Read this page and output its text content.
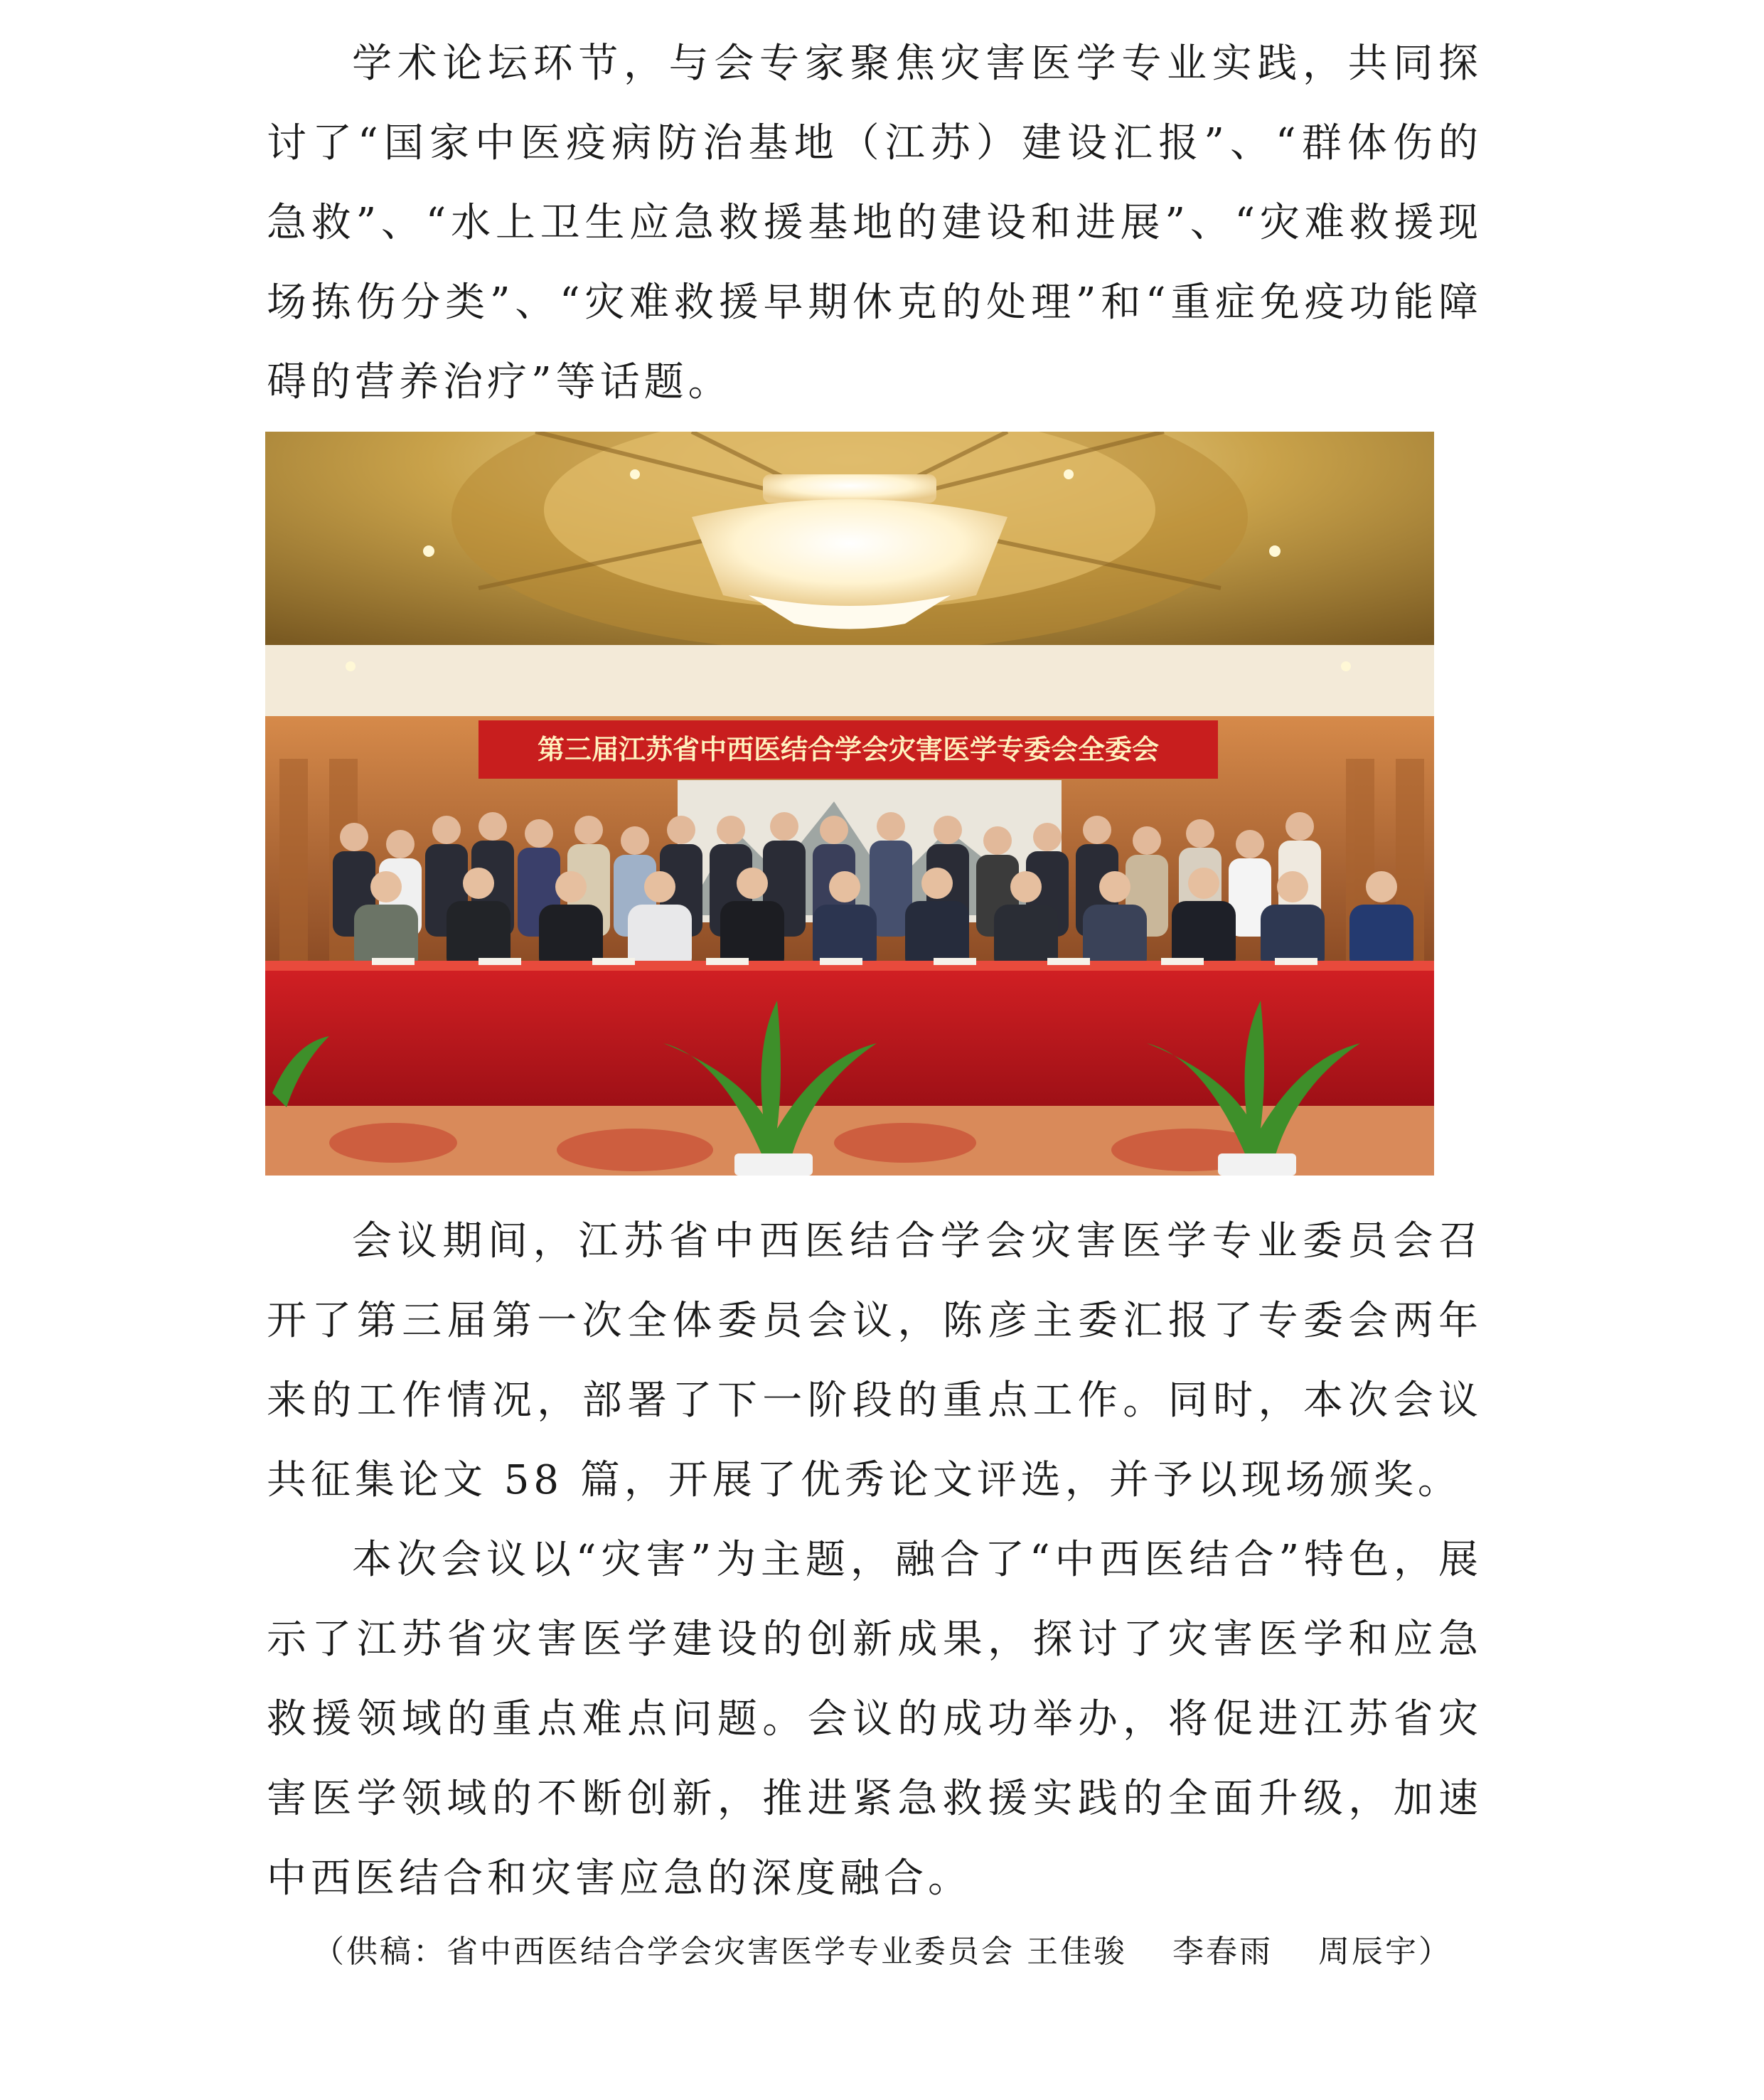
学术论坛环节，与会专家聚焦灾害医学专业实践，共同探讨了“国家中医疫病防治基地（江苏）建设汇报”、“群体伤的急救”、“水上卫生应急救援基地的建设和进展”、“灾难救援现场拣伤分类”、“灾难救援早期休克的处理”和“重症免疫功能障碍的营养治疗”等话题。

第三届江苏省中西医结合学会灾害医学专委会全委会

会议期间，江苏省中西医结合学会灾害医学专业委员会召开了第三届第一次全体委员会议，陈彦主委汇报了专委会两年来的工作情况，部署了下一阶段的重点工作。同时，本次会议共征集论文 58 篇，开展了优秀论文评选，并予以现场颁奖。

本次会议以“灾害”为主题，融合了“中西医结合”特色，展示了江苏省灾害医学建设的创新成果，探讨了灾害医学和应急救援领域的重点难点问题。会议的成功举办，将促进江苏省灾害医学领域的不断创新，推进紧急救援实践的全面升级，加速中西医结合和灾害应急的深度融合。

（供稿：省中西医结合学会灾害医学专业委员会 王佳骏　 李春雨　 周辰宇）
